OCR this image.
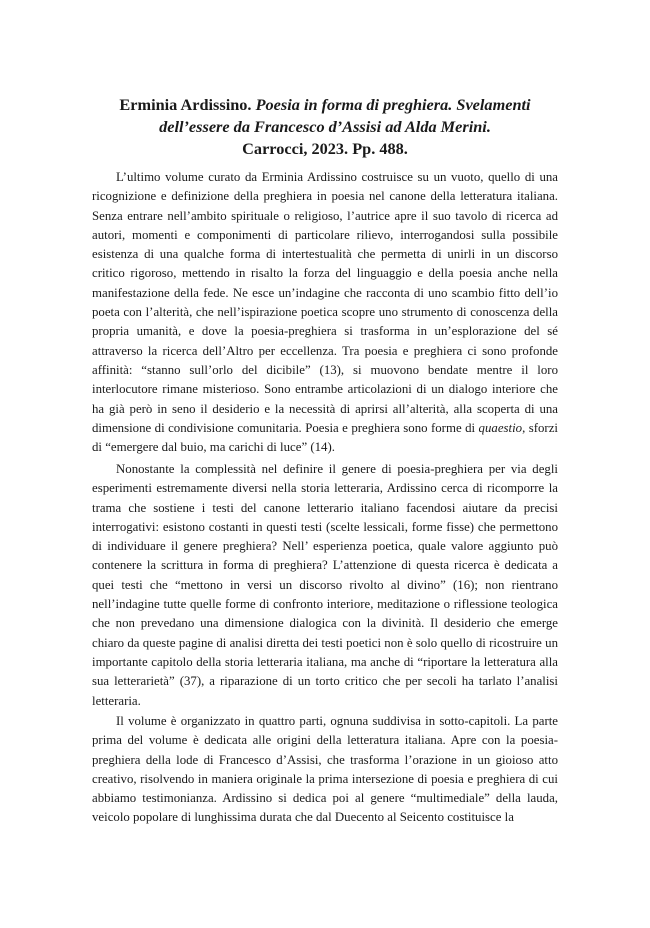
Erminia Ardissino. Poesia in forma di preghiera. Svelamenti
dell’essere da Francesco d’Assisi ad Alda Merini.
Carrocci, 2023. Pp. 488.

L’ultimo volume curato da Erminia Ardissino costruisce su un vuoto, quello di una ricognizione e definizione della preghiera in poesia nel canone della letteratura italiana. Senza entrare nell’ambito spirituale o religioso, l’autrice apre il suo tavolo di ricerca ad autori, momenti e componimenti di particolare rilievo, interrogandosi sulla possibile esistenza di una qualche forma di intertestualità che permetta di unirli in un discorso critico rigoroso, mettendo in risalto la forza del linguaggio e della poesia anche nella manifestazione della fede. Ne esce un’indagine che racconta di uno scambio fitto dell’io poeta con l’alterità, che nell’ispirazione poetica scopre uno strumento di conoscenza della propria umanità, e dove la poesia-preghiera si trasforma in un’esplorazione del sé attraverso la ricerca dell’Altro per eccellenza. Tra poesia e preghiera ci sono profonde affinità: “stanno sull’orlo del dicibile” (13), si muovono bendate mentre il loro interlocutore rimane misterioso. Sono entrambe articolazioni di un dialogo interiore che ha già però in seno il desiderio e la necessità di aprirsi all’alterità, alla scoperta di una dimensione di condivisione comunitaria. Poesia e preghiera sono forme di quaestio, sforzi di “emergere dal buio, ma carichi di luce” (14).

Nonostante la complessità nel definire il genere di poesia-preghiera per via degli esperimenti estremamente diversi nella storia letteraria, Ardissino cerca di ricomporre la trama che sostiene i testi del canone letterario italiano facendosi aiutare da precisi interrogativi: esistono costanti in questi testi (scelte lessicali, forme fisse) che permettono di individuare il genere preghiera? Nell’ esperienza poetica, quale valore aggiunto può contenere la scrittura in forma di preghiera? L’attenzione di questa ricerca è dedicata a quei testi che “mettono in versi un discorso rivolto al divino” (16); non rientrano nell’indagine tutte quelle forme di confronto interiore, meditazione o riflessione teologica che non prevedano una dimensione dialogica con la divinità. Il desiderio che emerge chiaro da queste pagine di analisi diretta dei testi poetici non è solo quello di ricostruire un importante capitolo della storia letteraria italiana, ma anche di “riportare la letteratura alla sua letterarietà” (37), a riparazione di un torto critico che per secoli ha tarlato l’analisi letteraria.

Il volume è organizzato in quattro parti, ognuna suddivisa in sotto-capitoli. La parte prima del volume è dedicata alle origini della letteratura italiana. Apre con la poesia-preghiera della lode di Francesco d’Assisi, che trasforma l’orazione in un gioioso atto creativo, risolvendo in maniera originale la prima intersezione di poesia e preghiera di cui abbiamo testimonianza. Ardissino si dedica poi al genere “multimediale” della lauda, veicolo popolare di lunghissima durata che dal Duecento al Seicento costituisce la
